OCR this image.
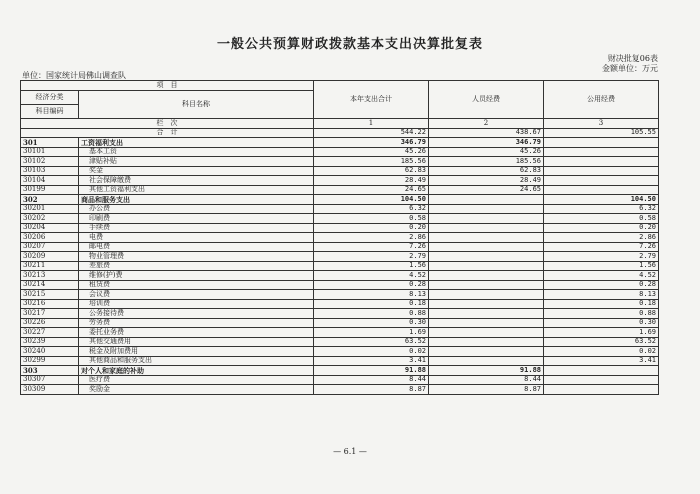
一般公共预算财政拨款基本支出决算批复表
财决批复06表
金额单位：万元
单位：国家统计局佛山调查队
项　目		本年支出合计	人员经费	公用经费
经济分类	科目名称			
科目编码				
栏　次		1	2	3
合　计		544.22	438.67	105.55
301	工资福利支出	346.79	346.79	
30101	基本工资	45.26	45.26	
30102	津贴补贴	185.56	185.56	
30103	奖金	62.83	62.83	
30104	社会保障缴费	28.49	28.49	
30199	其他工资福利支出	24.65	24.65	
302	商品和服务支出	104.50		104.50
30201	办公费	6.32		6.32
30202	印刷费	0.58		0.58
30204	手续费	0.20		0.20
30206	电费	2.86		2.86
30207	邮电费	7.26		7.26
30209	物业管理费	2.79		2.79
30211	差旅费	1.56		1.56
30213	维修(护)费	4.52		4.52
30214	租赁费	0.28		0.28
30215	会议费	8.13		8.13
30216	培训费	0.18		0.18
30217	公务接待费	0.88		0.88
30226	劳务费	0.30		0.30
30227	委托业务费	1.69		1.69
30239	其他交通费用	63.52		63.52
30240	税金及附加费用	0.02		0.02
30299	其他商品和服务支出	3.41		3.41
303	对个人和家庭的补助	91.88	91.88	
30307	医疗费	8.44	8.44	
30309	奖励金	8.87	8.87	
— 6.1 —
